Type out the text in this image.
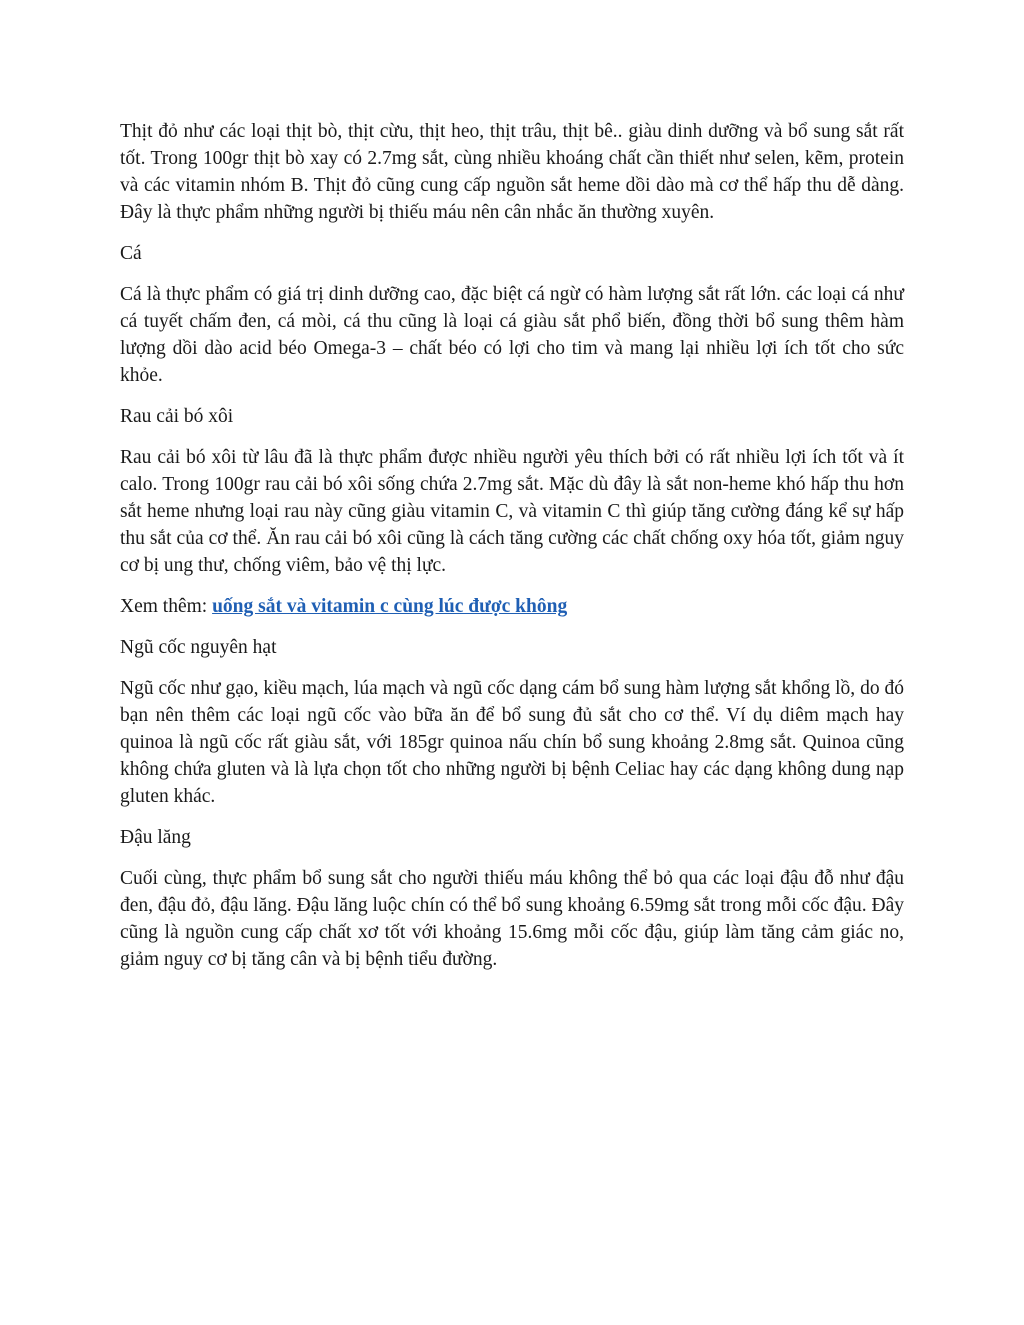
Thịt đỏ như các loại thịt bò, thịt cừu, thịt heo, thịt trâu, thịt bê.. giàu dinh dưỡng và bổ sung sắt rất tốt. Trong 100gr thịt bò xay có 2.7mg sắt, cùng nhiều khoáng chất cần thiết như selen, kẽm, protein và các vitamin nhóm B. Thịt đỏ cũng cung cấp nguồn sắt heme dồi dào mà cơ thể hấp thu dễ dàng. Đây là thực phẩm những người bị thiếu máu nên cân nhắc ăn thường xuyên.

Cá

Cá là thực phẩm có giá trị dinh dưỡng cao, đặc biệt cá ngừ có hàm lượng sắt rất lớn. các loại cá như cá tuyết chấm đen, cá mòi, cá thu cũng là loại cá giàu sắt phổ biến, đồng thời bổ sung thêm hàm lượng dồi dào acid béo Omega-3 – chất béo có lợi cho tim và mang lại nhiều lợi ích tốt cho sức khỏe.

Rau cải bó xôi

Rau cải bó xôi từ lâu đã là thực phẩm được nhiều người yêu thích bởi có rất nhiều lợi ích tốt và ít calo. Trong 100gr rau cải bó xôi sống chứa 2.7mg sắt. Mặc dù đây là sắt non-heme khó hấp thu hơn sắt heme nhưng loại rau này cũng giàu vitamin C, và vitamin C thì giúp tăng cường đáng kể sự hấp thu sắt của cơ thể. Ăn rau cải bó xôi cũng là cách tăng cường các chất chống oxy hóa tốt, giảm nguy cơ bị ung thư, chống viêm, bảo vệ thị lực.

Xem thêm: uống sắt và vitamin c cùng lúc được không

Ngũ cốc nguyên hạt

Ngũ cốc như gạo, kiều mạch, lúa mạch và ngũ cốc dạng cám bổ sung hàm lượng sắt khổng lồ, do đó bạn nên thêm các loại ngũ cốc vào bữa ăn để bổ sung đủ sắt cho cơ thể. Ví dụ diêm mạch hay quinoa là ngũ cốc rất giàu sắt, với 185gr quinoa nấu chín bổ sung khoảng 2.8mg sắt. Quinoa cũng không chứa gluten và là lựa chọn tốt cho những người bị bệnh Celiac hay các dạng không dung nạp gluten khác.

Đậu lăng

Cuối cùng, thực phẩm bổ sung sắt cho người thiếu máu không thể bỏ qua các loại đậu đỗ như đậu đen, đậu đỏ, đậu lăng. Đậu lăng luộc chín có thể bổ sung khoảng 6.59mg sắt trong mỗi cốc đậu. Đây cũng là nguồn cung cấp chất xơ tốt với khoảng 15.6mg mỗi cốc đậu, giúp làm tăng cảm giác no, giảm nguy cơ bị tăng cân và bị bệnh tiểu đường.
